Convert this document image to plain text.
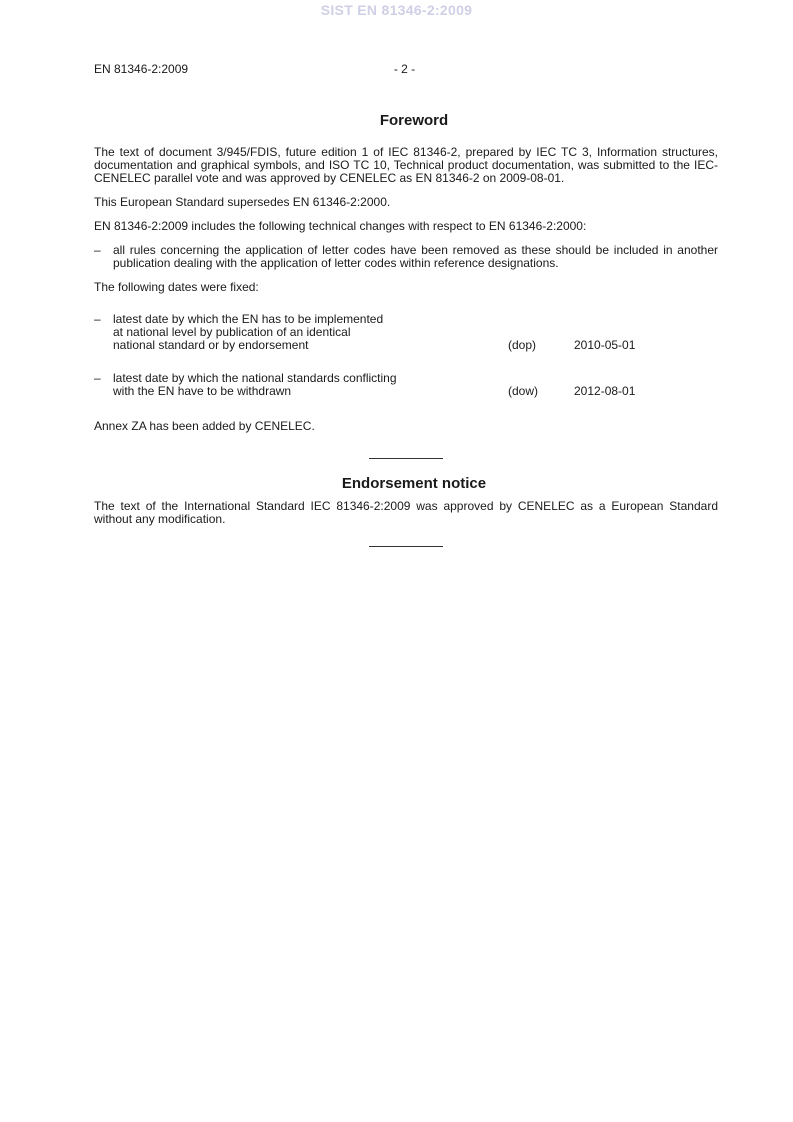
SIST EN 81346-2:2009
EN 81346-2:2009	- 2 -
Foreword

The text of document 3/945/FDIS, future edition 1 of IEC 81346-2, prepared by IEC TC 3, Information structures, documentation and graphical symbols, and ISO TC 10, Technical product documentation, was submitted to the IEC-CENELEC parallel vote and was approved by CENELEC as EN 81346-2 on 2009-08-01.

This European Standard supersedes EN 61346-2:2000.

EN 81346-2:2009 includes the following technical changes with respect to EN 61346-2:2000:

–	all rules concerning the application of letter codes have been removed as these should be included in another publication dealing with the application of letter codes within reference designations.

The following dates were fixed:

–	latest date by which the EN has to be implemented
at national level by publication of an identical
national standard or by endorsement	(dop)	2010-05-01
–	latest date by which the national standards conflicting
with the EN have to be withdrawn	(dow)	2012-08-01

Annex ZA has been added by CENELEC.

Endorsement notice

The text of the International Standard IEC 81346-2:2009 was approved by CENELEC as a European Standard without any modification.
